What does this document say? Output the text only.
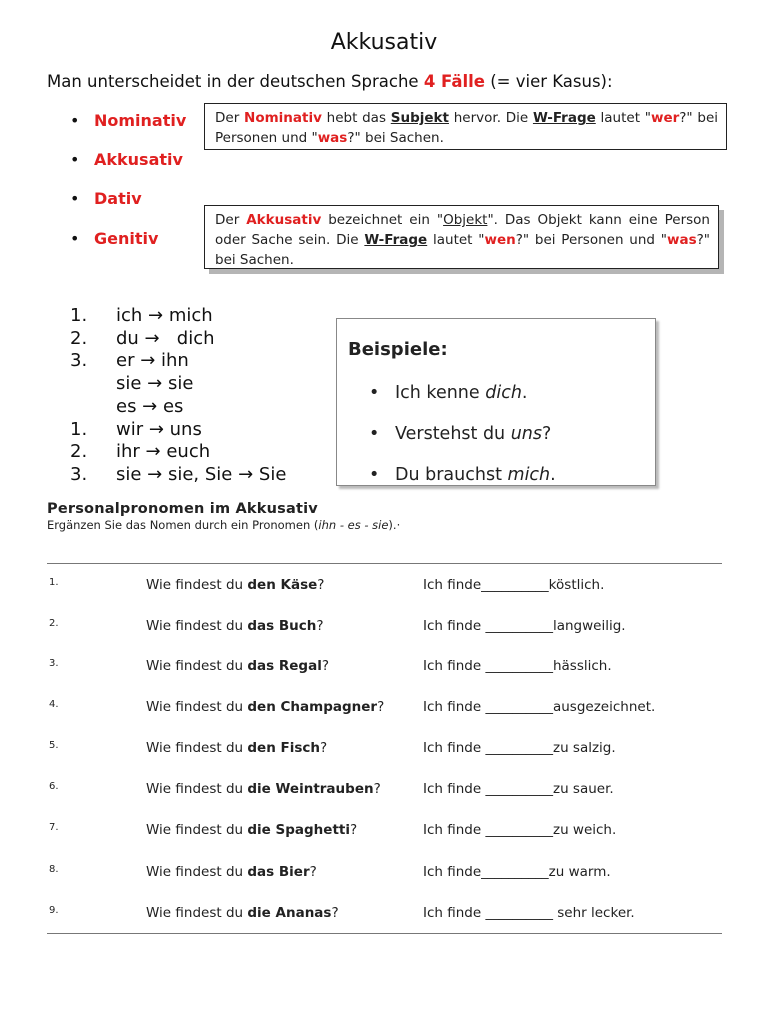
Akkusativ
Man unterscheidet in der deutschen Sprache 4 Fälle (= vier Kasus):
• Nominativ
• Akkusativ
• Dativ
• Genitiv
Der Nominativ hebt das Subjekt hervor. Die W-Frage lautet "wer?" bei Personen und "was?" bei Sachen.
Der Akkusativ bezeichnet ein "Objekt". Das Objekt kann eine Person oder Sache sein. Die W-Frage lautet "wen?" bei Personen und "was?" bei Sachen.
1. ich → mich
2. du →   dich
3. er → ihn
sie → sie
es → es
1. wir → uns
2. ihr → euch
3. sie → sie, Sie → Sie
Beispiele:
• Ich kenne dich.
• Verstehst du uns?
• Du brauchst mich.
Personalpronomen im Akkusativ
Ergänzen Sie das Nomen durch ein Pronomen (ihn - es - sie).·
1.	Wie findest du den Käse?	Ich finde__________köstlich.
2.	Wie findest du das Buch?	Ich finde __________langweilig.
3.	Wie findest du das Regal?	Ich finde __________hässlich.
4.	Wie findest du den Champagner?	Ich finde __________ausgezeichnet.
5.	Wie findest du den Fisch?	Ich finde __________zu salzig.
6.	Wie findest du die Weintrauben?	Ich finde __________zu sauer.
7.	Wie findest du die Spaghetti?	Ich finde __________zu weich.
8.	Wie findest du das Bier?	Ich finde__________zu warm.
9.	Wie findest du die Ananas?	Ich finde __________ sehr lecker.
